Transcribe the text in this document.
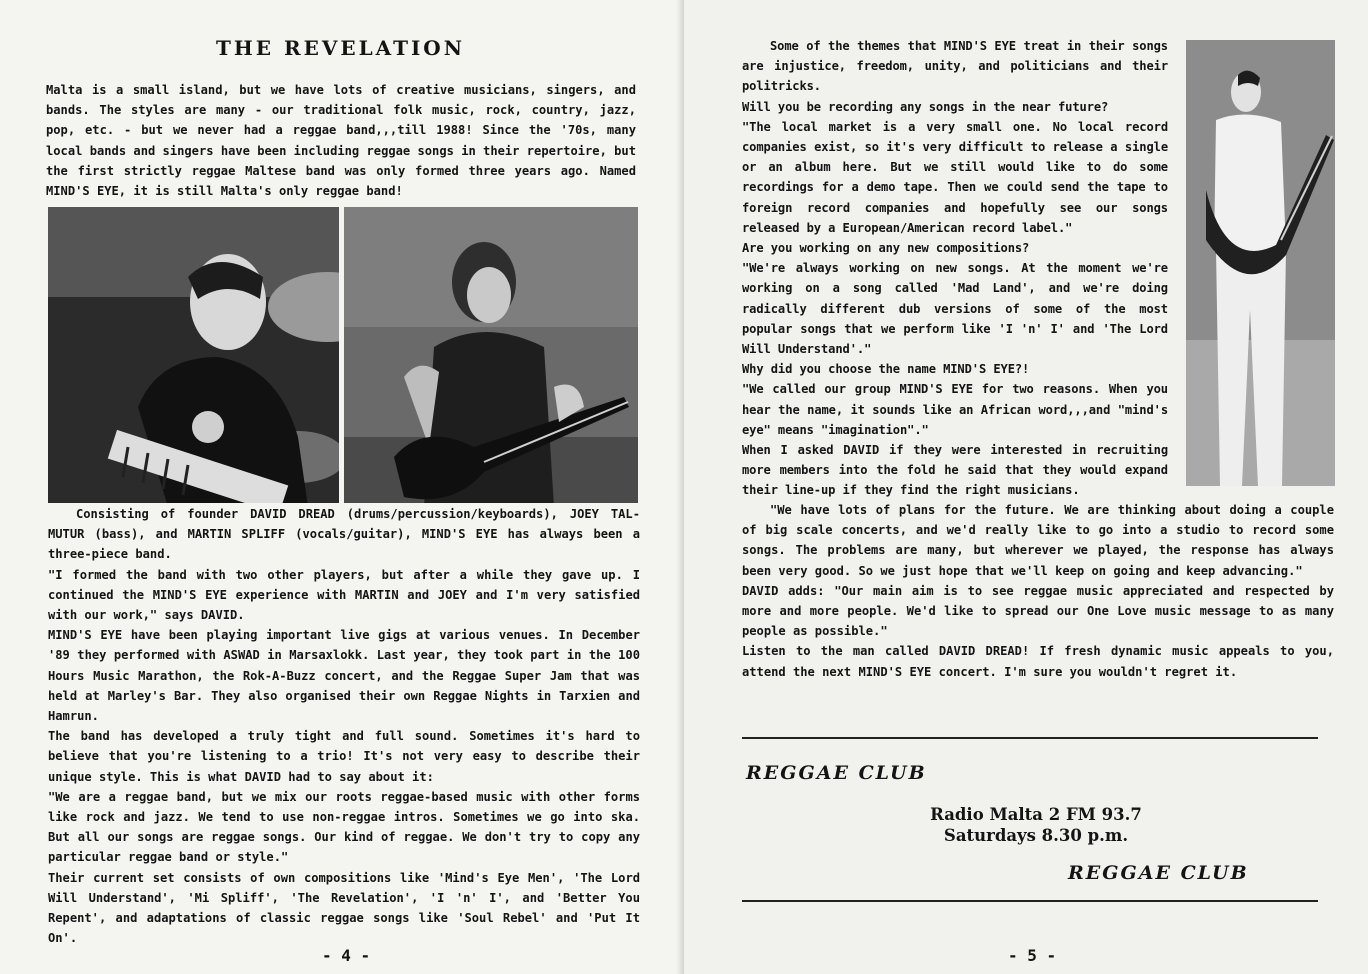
THE REVELATION

Malta is a small island, but we have lots of creative musicians, singers, and bands. The styles are many - our traditional folk music, rock, country, jazz, pop, etc. - but we never had a reggae band,,,till 1988! Since the '70s, many local bands and singers have been including reggae songs in their repertoire, but the first strictly reggae Maltese band was only formed three years ago. Named MIND'S EYE, it is still Malta's only reggae band!

Consisting of founder DAVID DREAD (drums/percussion/keyboards), JOEY TAL-MUTUR (bass), and MARTIN SPLIFF (vocals/guitar), MIND'S EYE has always been a three-piece band.
"I formed the band with two other players, but after a while they gave up. I continued the MIND'S EYE experience with MARTIN and JOEY and I'm very satisfied with our work," says DAVID.
MIND'S EYE have been playing important live gigs at various venues. In December '89 they performed with ASWAD in Marsaxlokk. Last year, they took part in the 100 Hours Music Marathon, the Rok-A-Buzz concert, and the Reggae Super Jam that was held at Marley's Bar. They also organised their own Reggae Nights in Tarxien and Hamrun.
The band has developed a truly tight and full sound. Sometimes it's hard to believe that you're listening to a trio! It's not very easy to describe their unique style. This is what DAVID had to say about it:
"We are a reggae band, but we mix our roots reggae-based music with other forms like rock and jazz. We tend to use non-reggae intros. Sometimes we go into ska. But all our songs are reggae songs. Our kind of reggae. We don't try to copy any particular reggae band or style."
Their current set consists of own compositions like 'Mind's Eye Men', 'The Lord Will Understand', 'Mi Spliff', 'The Revelation', 'I 'n' I', and 'Better You Repent', and adaptations of classic reggae songs like 'Soul Rebel' and 'Put It On'.

- 4 -

Some of the themes that MIND'S EYE treat in their songs are injustice, freedom, unity, and politicians and their politricks.
Will you be recording any songs in the near future?
"The local market is a very small one. No local record companies exist, so it's very difficult to release a single or an album here. But we still would like to do some recordings for a demo tape. Then we could send the tape to foreign record companies and hopefully see our songs released by a European/American record label."
Are you working on any new compositions?
"We're always working on new songs. At the moment we're working on a song called 'Mad Land', and we're doing radically different dub versions of some of the most popular songs that we perform like 'I 'n' I' and 'The Lord Will Understand'."
Why did you choose the name MIND'S EYE?!
"We called our group MIND'S EYE for two reasons. When you hear the name, it sounds like an African word,,,and "mind's eye" means "imagination"."
When I asked DAVID if they were interested in recruiting more members into the fold he said that they would expand their line-up if they find the right musicians.

"We have lots of plans for the future. We are thinking about doing a couple of big scale concerts, and we'd really like to go into a studio to record some songs. The problems are many, but wherever we played, the response has always been very good. So we just hope that we'll keep on going and keep advancing."
DAVID adds: "Our main aim is to see reggae music appreciated and respected by more and more people. We'd like to spread our One Love music message to as many people as possible."
Listen to the man called DAVID DREAD! If fresh dynamic music appeals to you, attend the next MIND'S EYE concert. I'm sure you wouldn't regret it.

REGGAE CLUB
Radio Malta 2 FM 93.7
Saturdays 8.30 p.m.
REGGAE CLUB
- 5 -
